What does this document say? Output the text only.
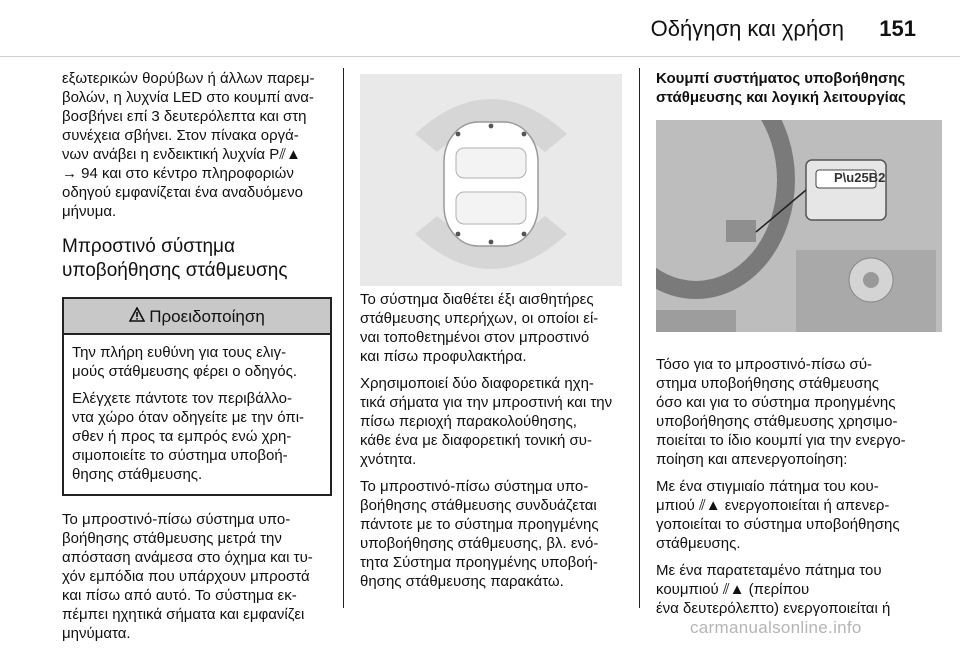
Οδήγηση και χρήση 151

εξωτερικών θορύβων ή άλλων παρεμ-
βολών, η λυχνία LED στο κουμπί ανα-
βοσβήνει επί 3 δευτερόλεπτα και στη
συνέχεια σβήνει. Στον πίνακα οργά-
νων ανάβει η ενδεικτική λυχνία P⫽▲
→ 94 και στο κέντρο πληροφοριών
οδηγού εμφανίζεται ένα αναδυόμενο
μήνυμα.

Μπροστινό σύστημα
υποβοήθησης στάθμευσης
Προειδοποίηση

Την πλήρη ευθύνη για τους ελιγ-
μούς στάθμευσης φέρει ο οδηγός.

Ελέγχετε πάντοτε τον περιβάλλο-
ντα χώρο όταν οδηγείτε με την όπι-
σθεν ή προς τα εμπρός ενώ χρη-
σιμοποιείτε το σύστημα υποβοή-
θησης στάθμευσης.

Το μπροστινό-πίσω σύστημα υπο-
βοήθησης στάθμευσης μετρά την
απόσταση ανάμεσα στο όχημα και τυ-
χόν εμπόδια που υπάρχουν μπροστά
και πίσω από αυτό. Το σύστημα εκ-
πέμπει ηχητικά σήματα και εμφανίζει
μηνύματα.

Το σύστημα διαθέτει έξι αισθητήρες
στάθμευσης υπερήχων, οι οποίοι εί-
ναι τοποθετημένοι στον μπροστινό
και πίσω προφυλακτήρα.

Χρησιμοποιεί δύο διαφορετικά ηχη-
τικά σήματα για την μπροστινή και την
πίσω περιοχή παρακολούθησης,
κάθε ένα με διαφορετική τονική συ-
χνότητα.

Το μπροστινό-πίσω σύστημα υπο-
βοήθησης στάθμευσης συνδυάζεται
πάντοτε με το σύστημα προηγμένης
υποβοήθησης στάθμευσης, βλ. ενό-
τητα Σύστημα προηγμένης υποβοή-
θησης στάθμευσης παρακάτω.

P\u25B2
Κουμπί συστήματος υποβοήθησης
στάθμευσης και λογική λειτουργίας

Τόσο για το μπροστινό-πίσω σύ-
στημα υποβοήθησης στάθμευσης
όσο και για το σύστημα προηγμένης
υποβοήθησης στάθμευσης χρησιμο-
ποιείται το ίδιο κουμπί για την ενεργο-
ποίηση και απενεργοποίηση:

Με ένα στιγμιαίο πάτημα του κου-
μπιού ⫽▲ ενεργοποιείται ή απενερ-
γοποιείται το σύστημα υποβοήθησης
στάθμευσης.

Με ένα παρατεταμένο πάτημα του
κουμπιού ⫽▲ (περίπου
ένα δευτερόλεπτο) ενεργοποιείται ή

carmanualsonline.info
